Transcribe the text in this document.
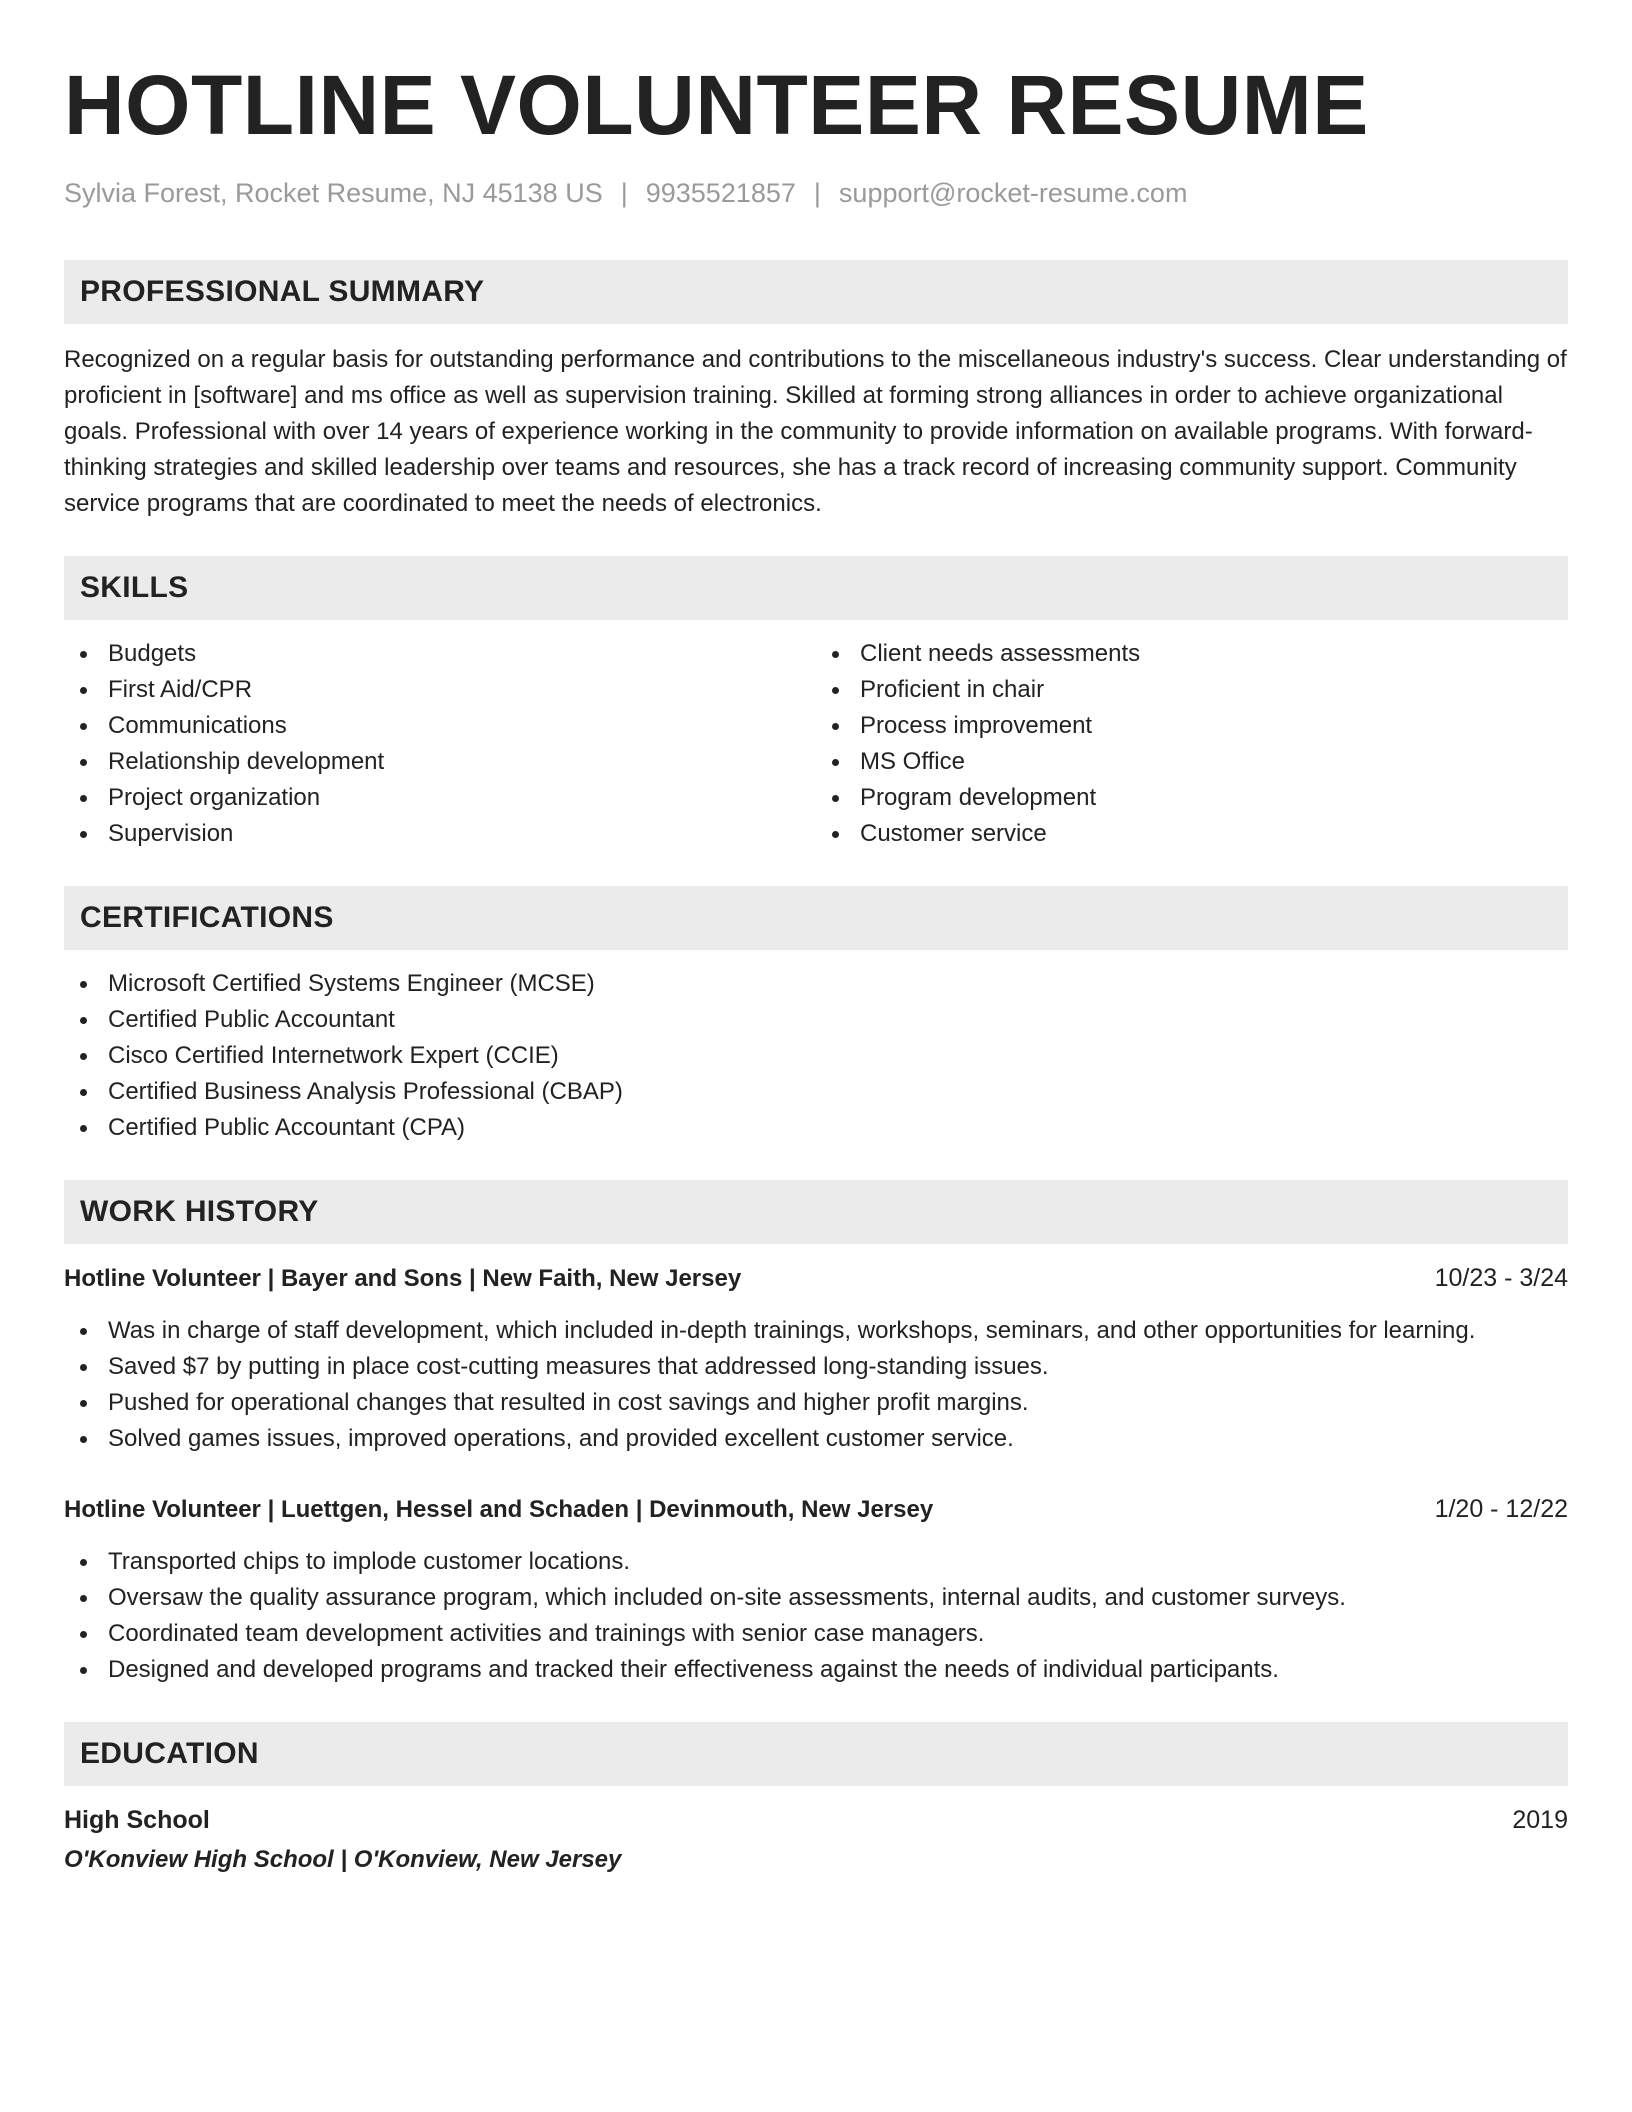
HOTLINE VOLUNTEER RESUME
Sylvia Forest, Rocket Resume, NJ 45138 US | 9935521857 | support@rocket-resume.com
PROFESSIONAL SUMMARY

Recognized on a regular basis for outstanding performance and contributions to the miscellaneous industry's success. Clear understanding of proficient in [software] and ms office as well as supervision training. Skilled at forming strong alliances in order to achieve organizational goals. Professional with over 14 years of experience working in the community to provide information on available programs. With forward-thinking strategies and skilled leadership over teams and resources, she has a track record of increasing community support. Community service programs that are coordinated to meet the needs of electronics.

SKILLS
Budgets
First Aid/CPR
Communications
Relationship development
Project organization
Supervision
Client needs assessments
Proficient in chair
Process improvement
MS Office
Program development
Customer service
CERTIFICATIONS
Microsoft Certified Systems Engineer (MCSE)
Certified Public Accountant
Cisco Certified Internetwork Expert (CCIE)
Certified Business Analysis Professional (CBAP)
Certified Public Accountant (CPA)
WORK HISTORY
Hotline Volunteer | Bayer and Sons | New Faith, New Jersey	10/23 - 3/24
Was in charge of staff development, which included in-depth trainings, workshops, seminars, and other opportunities for learning.
Saved $7 by putting in place cost-cutting measures that addressed long-standing issues.
Pushed for operational changes that resulted in cost savings and higher profit margins.
Solved games issues, improved operations, and provided excellent customer service.
Hotline Volunteer | Luettgen, Hessel and Schaden | Devinmouth, New Jersey	1/20 - 12/22
Transported chips to implode customer locations.
Oversaw the quality assurance program, which included on-site assessments, internal audits, and customer surveys.
Coordinated team development activities and trainings with senior case managers.
Designed and developed programs and tracked their effectiveness against the needs of individual participants.
EDUCATION
High School	2019
O'Konview High School | O'Konview, New Jersey
